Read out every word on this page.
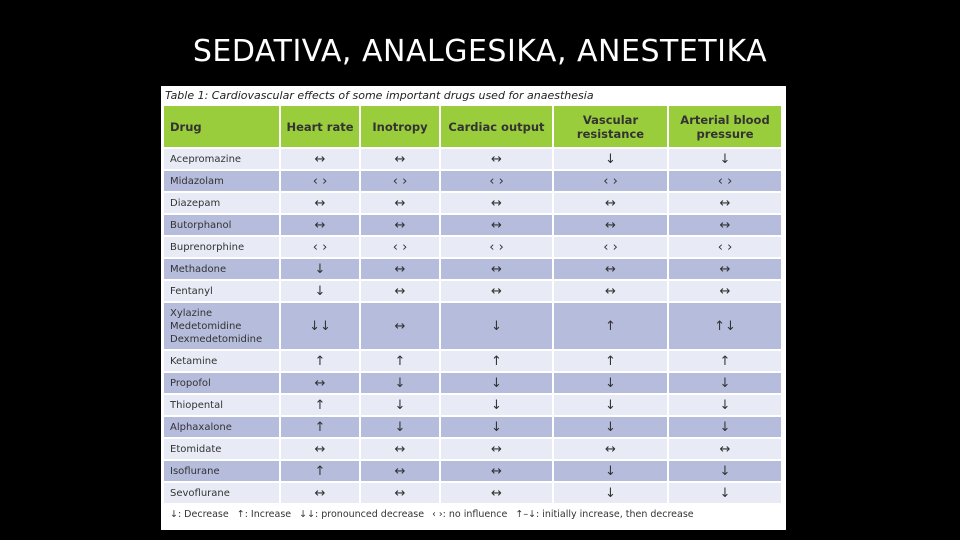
SEDATIVA, ANALGESIKA, ANESTETIKA
Table 1: Cardiovascular effects of some important drugs used for anaesthesia
Drug	Heart rate	Inotropy	Cardiac output	Vascular resistance	Arterial blood pressure
Acepromazine	↔	↔	↔	↓	↓
Midazolam	‹ ›	‹ ›	‹ ›	‹ ›	‹ ›
Diazepam	↔	↔	↔	↔	↔
Butorphanol	↔	↔	↔	↔	↔
Buprenorphine	‹ ›	‹ ›	‹ ›	‹ ›	‹ ›
Methadone	↓	↔	↔	↔	↔
Fentanyl	↓	↔	↔	↔	↔
Xylazine
Medetomidine
Dexmedetomidine	↓↓	↔	↓	↑	↑↓
Ketamine	↑	↑	↑	↑	↑
Propofol	↔	↓	↓	↓	↓
Thiopental	↑	↓	↓	↓	↓
Alphaxalone	↑	↓	↓	↓	↓
Etomidate	↔	↔	↔	↔	↔
Isoflurane	↑	↔	↔	↓	↓
Sevoflurane	↔	↔	↔	↓	↓
↓: Decrease ↑: Increase ↓↓: pronounced decrease ‹ ›: no influence ↑–↓: initially increase, then decrease
